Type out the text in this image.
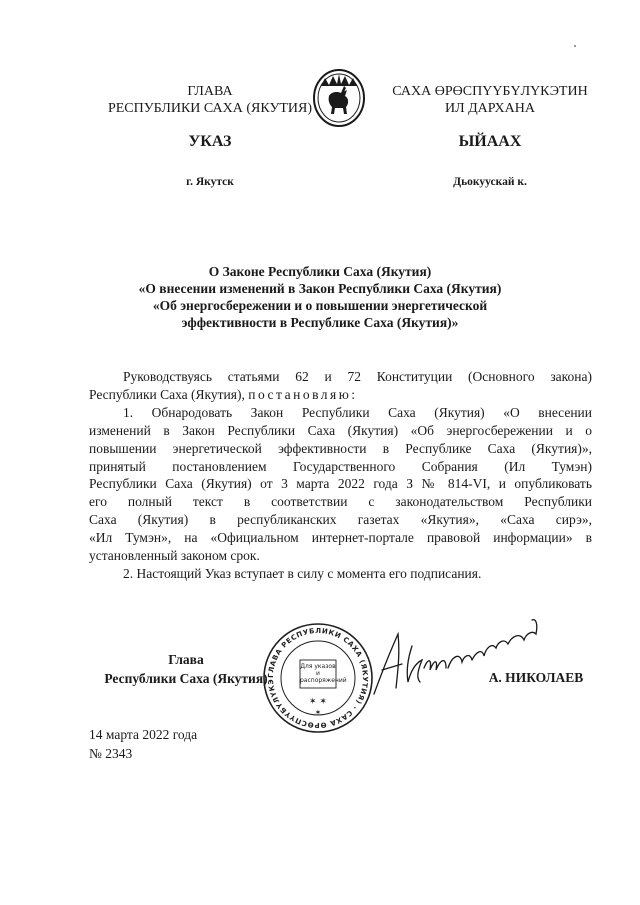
ГЛАВА
РЕСПУБЛИКИ САХА (ЯКУТИЯ)
УКАЗ
г. Якутск
САХА ӨРӨСПҮҮБҮЛҮКЭТИН
ИЛ ДАРХАНА
ЫЙААХ
Дьокуускай к.
О Законе Республики Саха (Якутия)
«О внесении изменений в Закон Республики Саха (Якутия)
«Об энергосбережении и о повышении энергетической
эффективности в Республике Саха (Якутия)»
Руководствуясь статьями 62 и 72 Конституции (Основного закона)
Республики Саха (Якутия), постановляю:
1. Обнародовать Закон Республики Саха (Якутия) «О внесении
изменений в Закон Республики Саха (Якутия) «Об энергосбережении и о
повышении энергетической эффективности в Республике Саха (Якутия)»,
принятый постановлением Государственного Собрания (Ил Тумэн)
Республики Саха (Якутия) от 3 марта 2022 года З № 814-VI, и опубликовать
его полный текст в соответствии с законодательством Республики
Саха (Якутия) в республиканских газетах «Якутия», «Саха сирэ»,
«Ил Тумэн», на «Официальном интернет-портале правовой информации» в
установленный законом срок.
2. Настоящий Указ вступает в силу с момента его подписания.
Глава
Республики Саха (Якутия) ГЛАВА РЕСПУБЛИКИ САХА (ЯКУТИЯ) · САХА ӨРӨСПҮҮБҮЛҮКЭ
✶ ✶
✶
Для указов и распоряжений	А. НИКОЛАЕВ
14 марта 2022 года
№ 2343
